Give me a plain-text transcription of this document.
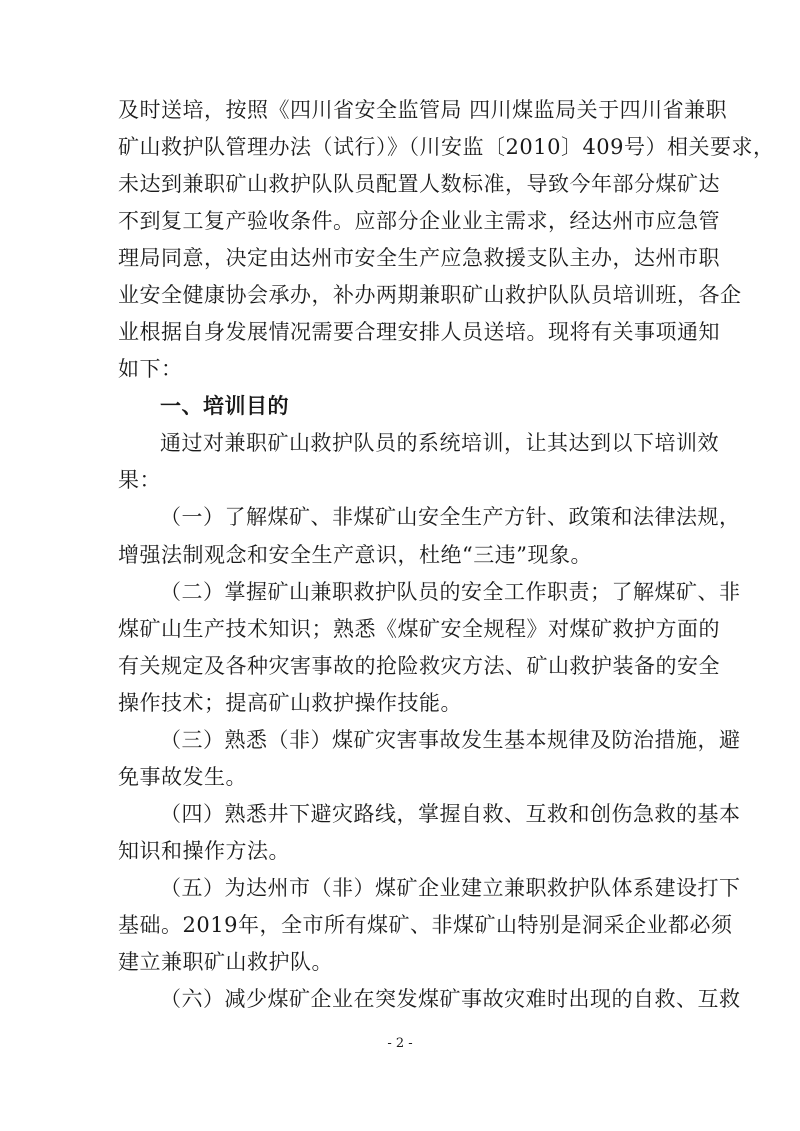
及时送培，按照《四川省安全监管局 四川煤监局关于四川省兼职
矿山救护队管理办法（试行）》（川安监〔2010〕409号）相关要求，
未达到兼职矿山救护队队员配置人数标准，导致今年部分煤矿达
不到复工复产验收条件。应部分企业业主需求，经达州市应急管
理局同意，决定由达州市安全生产应急救援支队主办，达州市职
业安全健康协会承办，补办两期兼职矿山救护队队员培训班，各企
业根据自身发展情况需要合理安排人员送培。现将有关事项通知
如下：
一、培训目的
通过对兼职矿山救护队员的系统培训，让其达到以下培训效
果：
（一）了解煤矿、非煤矿山安全生产方针、政策和法律法规，
增强法制观念和安全生产意识，杜绝“三违”现象。
（二）掌握矿山兼职救护队员的安全工作职责；了解煤矿、非
煤矿山生产技术知识；熟悉《煤矿安全规程》对煤矿救护方面的
有关规定及各种灾害事故的抢险救灾方法、矿山救护装备的安全
操作技术；提高矿山救护操作技能。
（三）熟悉（非）煤矿灾害事故发生基本规律及防治措施，避
免事故发生。
（四）熟悉井下避灾路线，掌握自救、互救和创伤急救的基本
知识和操作方法。
（五）为达州市（非）煤矿企业建立兼职救护队体系建设打下
基础。2019年，全市所有煤矿、非煤矿山特别是洞采企业都必须
建立兼职矿山救护队。
（六）减少煤矿企业在突发煤矿事故灾难时出现的自救、互救
- 2 -
